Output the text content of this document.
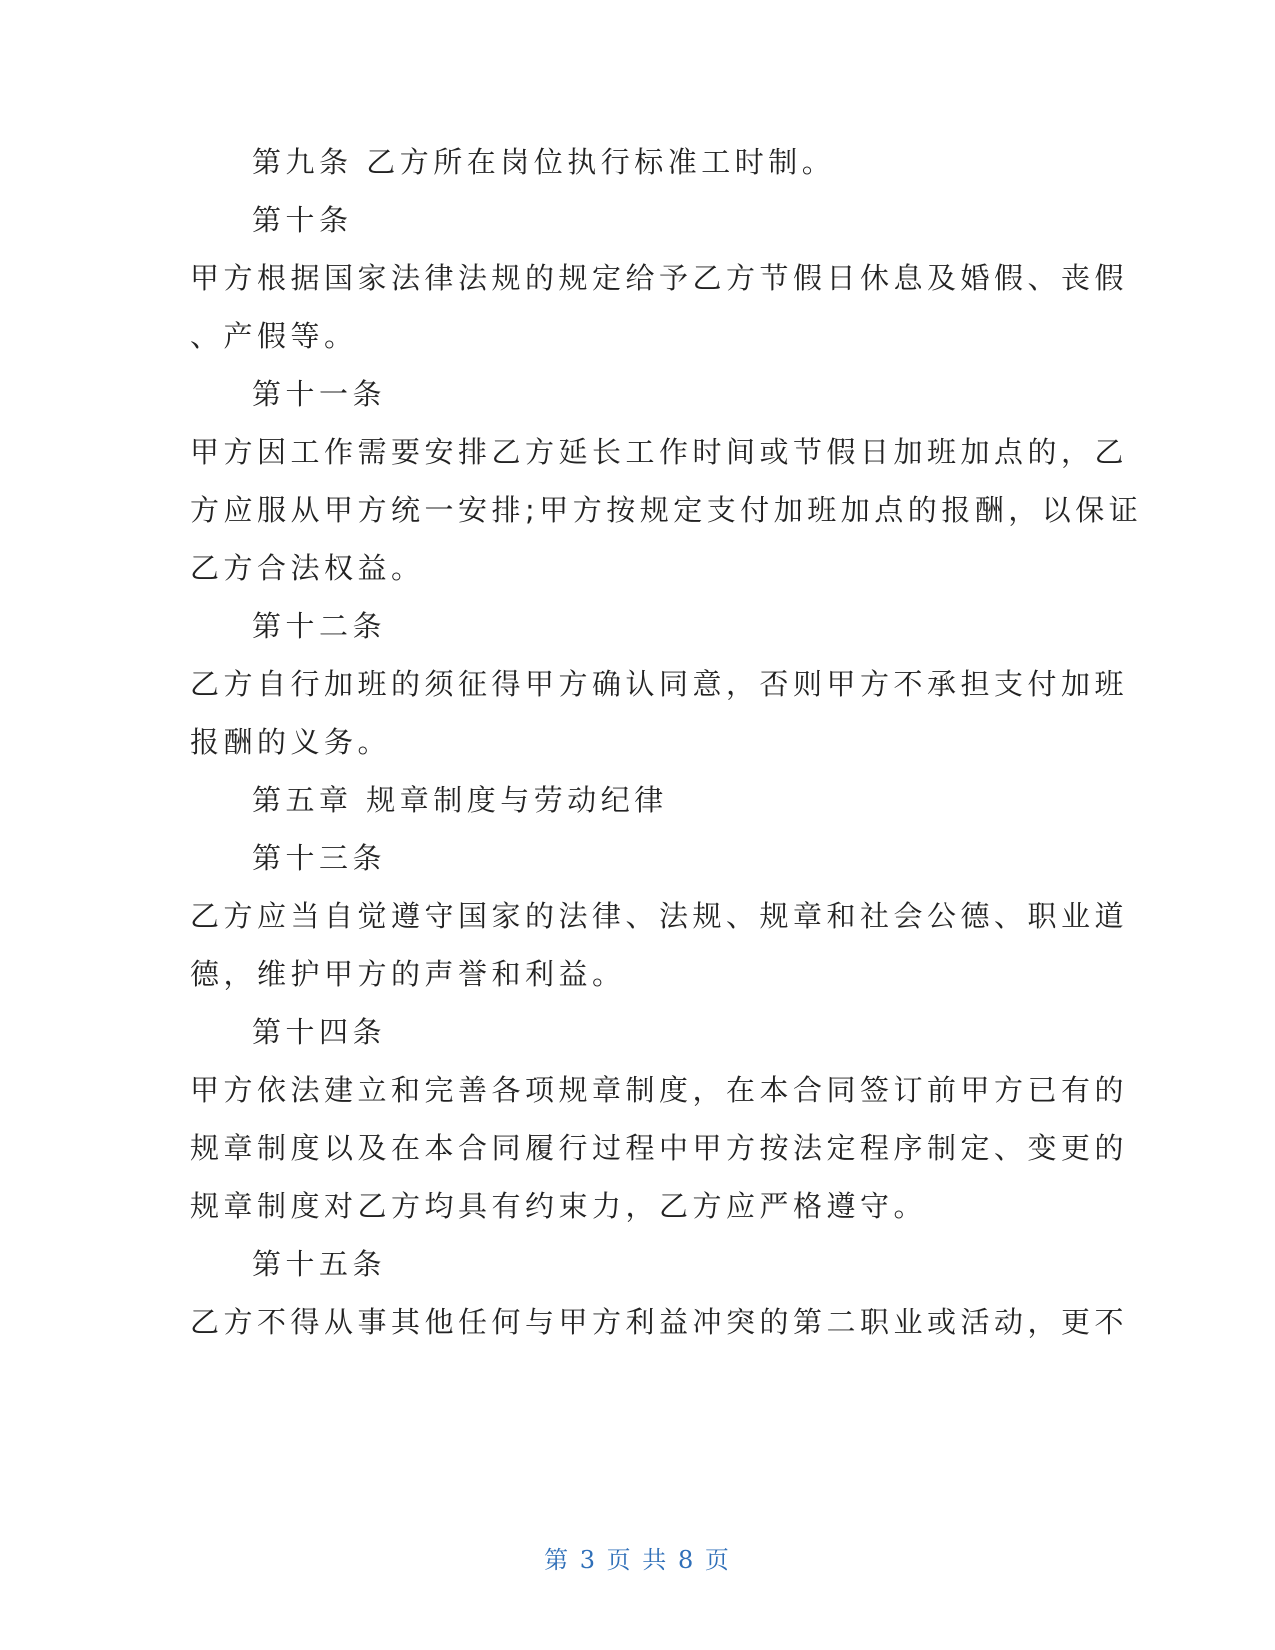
第九条 乙方所在岗位执行标准工时制。
第十条
甲方根据国家法律法规的规定给予乙方节假日休息及婚假、丧假
、产假等。
第十一条
甲方因工作需要安排乙方延长工作时间或节假日加班加点的，乙
方应服从甲方统一安排;甲方按规定支付加班加点的报酬，以保证
乙方合法权益。
第十二条
乙方自行加班的须征得甲方确认同意，否则甲方不承担支付加班
报酬的义务。
第五章 规章制度与劳动纪律
第十三条
乙方应当自觉遵守国家的法律、法规、规章和社会公德、职业道
德，维护甲方的声誉和利益。
第十四条
甲方依法建立和完善各项规章制度，在本合同签订前甲方已有的
规章制度以及在本合同履行过程中甲方按法定程序制定、变更的
规章制度对乙方均具有约束力，乙方应严格遵守。
第十五条
乙方不得从事其他任何与甲方利益冲突的第二职业或活动，更不
第 3 页 共 8 页
